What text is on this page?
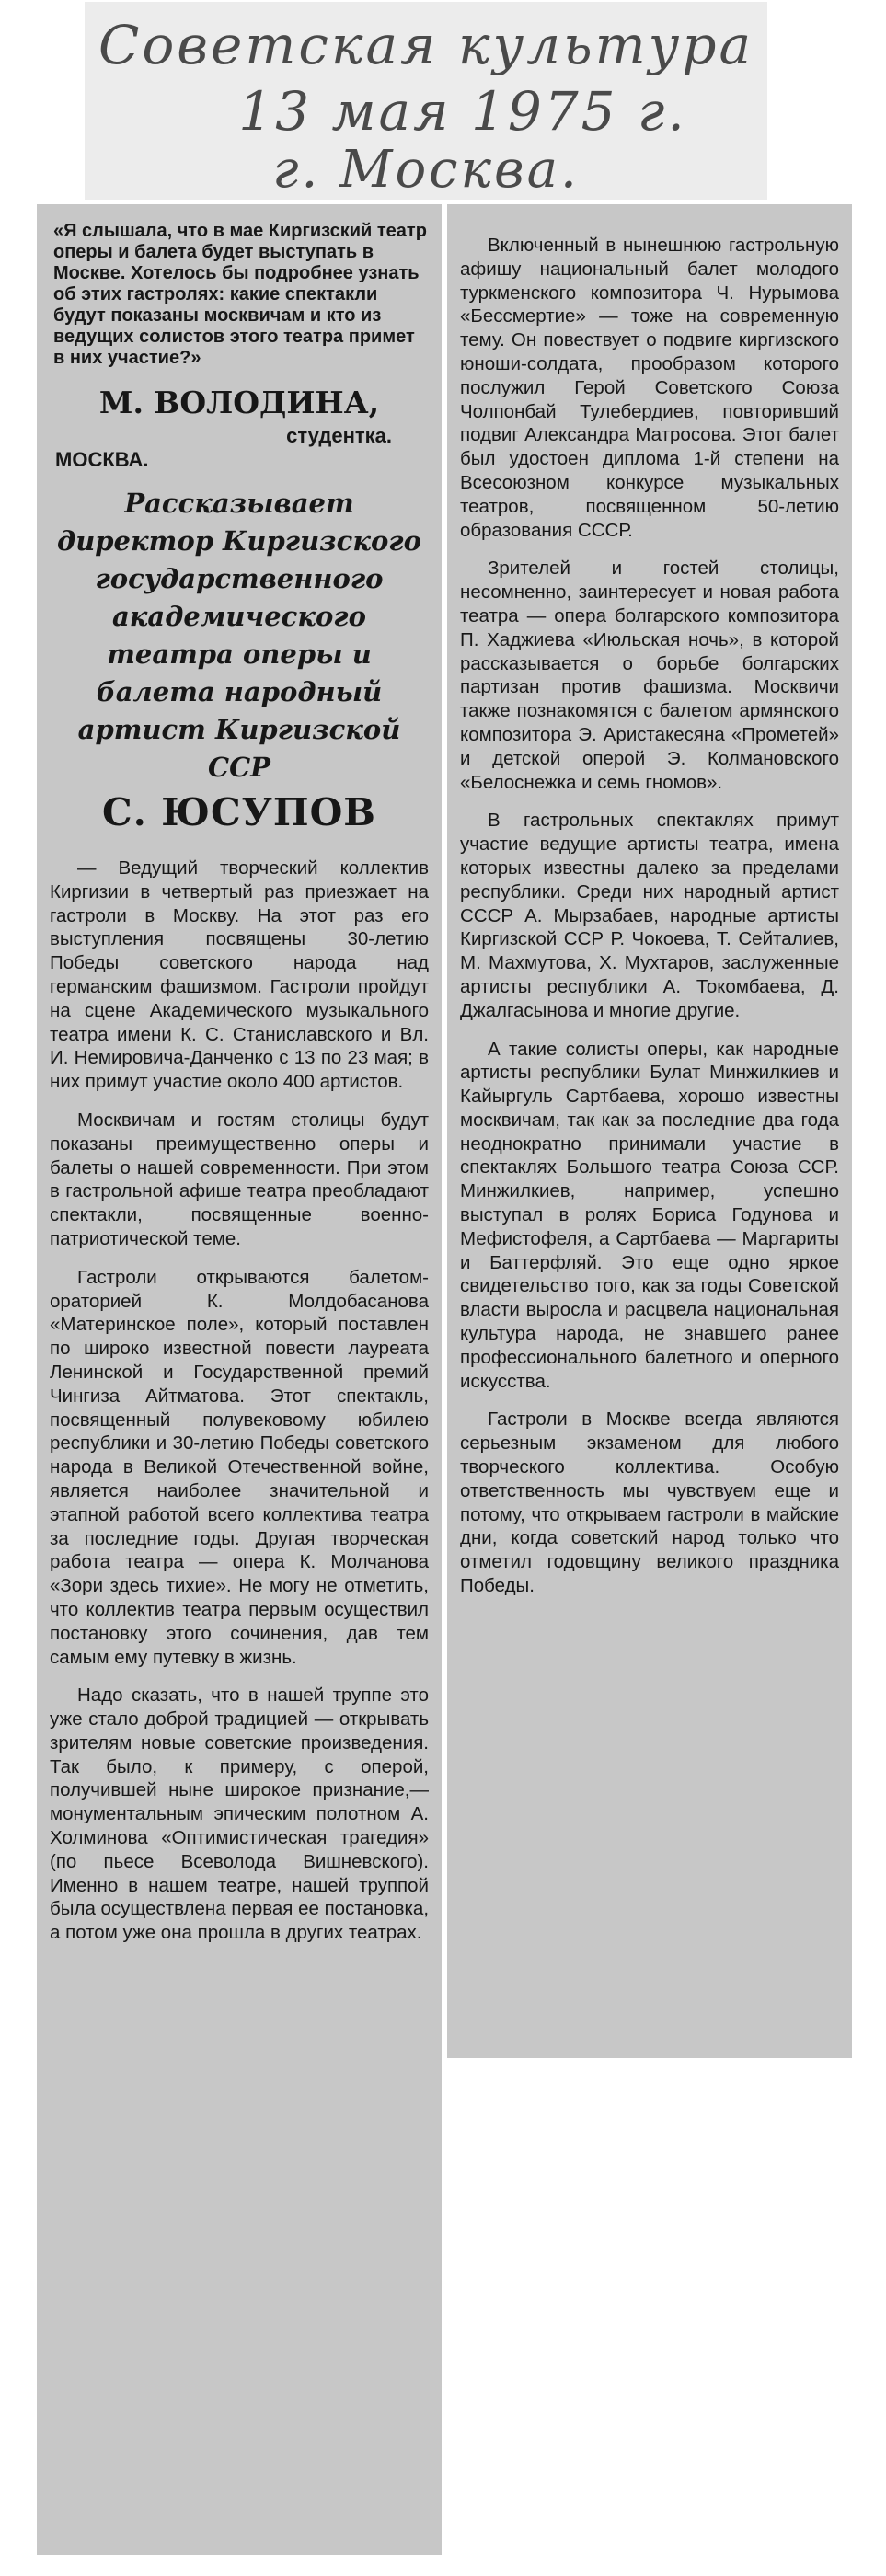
Советская культура
13 мая 1975 г.
г. Москва.

«Я слышала, что в мае Киргизский театр оперы и балета будет выступать в Москве. Хотелось бы подробнее узнать об этих гастролях: какие спектакли будут показаны москвичам и кто из ведущих солистов этого театра примет в них участие?»

М. ВОЛОДИНА,

студентка.

МОСКВА.

Рассказывает директор Киргизского государственного академического театра оперы и балета народный артист Киргизской ССР

С. ЮСУПОВ

— Ведущий творческий коллектив Киргизии в четвертый раз приезжает на гастроли в Москву. На этот раз его выступления посвящены 30-летию Победы советского народа над германским фашизмом. Гастроли пройдут на сцене Академического музыкального театра имени К. С. Станиславского и Вл. И. Немировича-Данченко с 13 по 23 мая; в них примут участие около 400 артистов.

Москвичам и гостям столицы будут показаны преимущественно оперы и балеты о нашей современности. При этом в гастрольной афише театра преобладают спектакли, посвященные военно-патриотической теме.

Гастроли открываются балетом-ораторией К. Молдобасанова «Материнское поле», который поставлен по широко известной повести лауреата Ленинской и Государственной премий Чингиза Айтматова. Этот спектакль, посвященный полувековому юбилею республики и 30-летию Победы советского народа в Великой Отечественной войне, является наиболее значительной и этапной работой всего коллектива театра за последние годы. Другая творческая работа театра — опера К. Молчанова «Зори здесь тихие». Не могу не отметить, что коллектив театра первым осуществил постановку этого сочинения, дав тем самым ему путевку в жизнь.

Надо сказать, что в нашей труппе это уже стало доброй традицией — открывать зрителям новые советские произведения. Так было, к примеру, с оперой, получившей ныне широкое признание,— монументальным эпическим полотном А. Холминова «Оптимистическая трагедия» (по пьесе Всеволода Вишневского). Именно в нашем театре, нашей труппой была осуществлена первая ее постановка, а потом уже она прошла в других театрах.

Включенный в нынешнюю гастрольную афишу национальный балет молодого туркменского композитора Ч. Нурымова «Бессмертие» — тоже на современную тему. Он повествует о подвиге киргизского юноши-солдата, прообразом которого послужил Герой Советского Союза Чолпонбай Тулебердиев, повторивший подвиг Александра Матросова. Этот балет был удостоен диплома 1-й степени на Всесоюзном конкурсе музыкальных театров, посвященном 50-летию образования СССР.

Зрителей и гостей столицы, несомненно, заинтересует и новая работа театра — опера болгарского композитора П. Хаджиева «Июльская ночь», в которой рассказывается о борьбе болгарских партизан против фашизма. Москвичи также познакомятся с балетом армянского композитора Э. Аристакесяна «Прометей» и детской оперой Э. Колмановского «Белоснежка и семь гномов».

В гастрольных спектаклях примут участие ведущие артисты театра, имена которых известны далеко за пределами республики. Среди них народный артист СССР А. Мырзабаев, народные артисты Киргизской ССР Р. Чокоева, Т. Сейталиев, М. Махмутова, Х. Мухтаров, заслуженные артисты республики А. Токомбаева, Д. Джалгасынова и многие другие.

А такие солисты оперы, как народные артисты республики Булат Минжилкиев и Кайыргуль Сартбаева, хорошо известны москвичам, так как за последние два года неоднократно принимали участие в спектаклях Большого театра Союза ССР. Минжилкиев, например, успешно выступал в ролях Бориса Годунова и Мефистофеля, а Сартбаева — Маргариты и Баттерфляй. Это еще одно яркое свидетельство того, как за годы Советской власти выросла и расцвела национальная культура народа, не знавшего ранее профессионального балетного и оперного искусства.

Гастроли в Москве всегда являются серьезным экзаменом для любого творческого коллектива. Особую ответственность мы чувствуем еще и потому, что открываем гастроли в майские дни, когда советский народ только что отметил годовщину великого праздника Победы.
